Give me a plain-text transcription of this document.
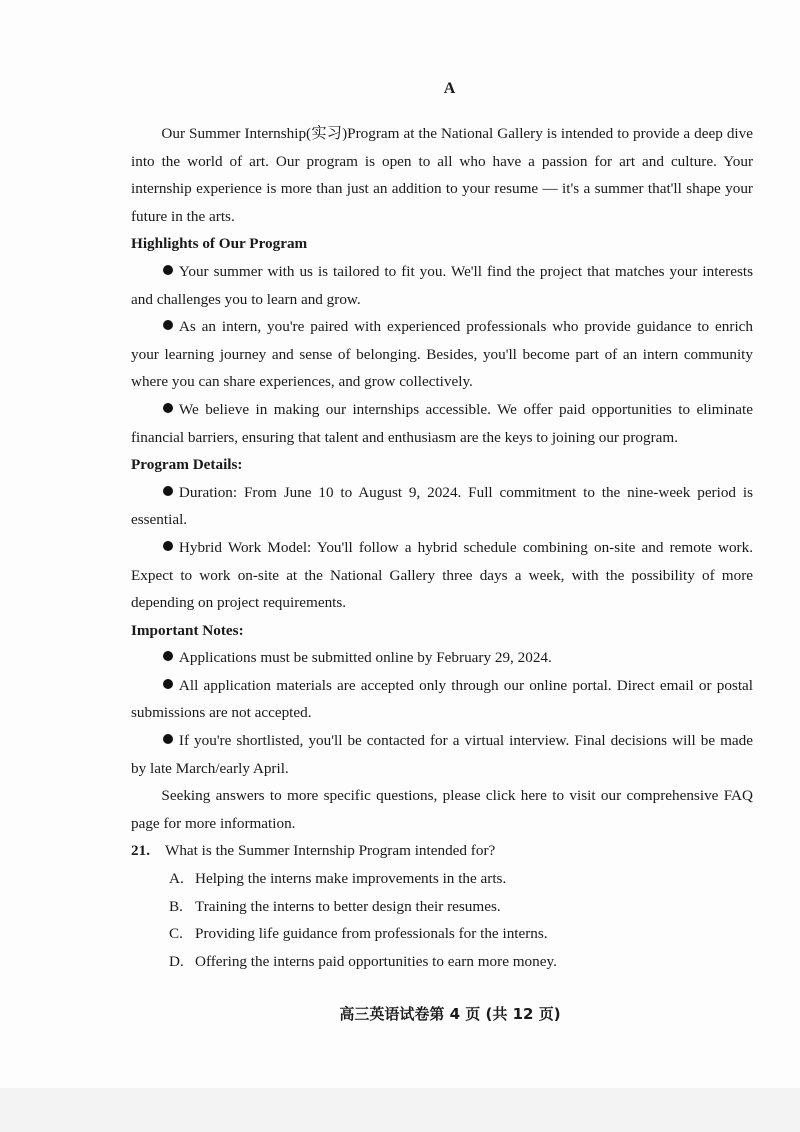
A

Our Summer Internship(实习)Program at the National Gallery is intended to provide a deep dive into the world of art. Our program is open to all who have a passion for art and culture. Your internship experience is more than just an addition to your resume — it's a summer that'll shape your future in the arts.

Highlights of Our Program

Your summer with us is tailored to fit you. We'll find the project that matches your interests and challenges you to learn and grow.

As an intern, you're paired with experienced professionals who provide guidance to enrich your learning journey and sense of belonging. Besides, you'll become part of an intern community where you can share experiences, and grow collectively.

We believe in making our internships accessible. We offer paid opportunities to eliminate financial barriers, ensuring that talent and enthusiasm are the keys to joining our program.

Program Details:

Duration: From June 10 to August 9, 2024. Full commitment to the nine-week period is essential.

Hybrid Work Model: You'll follow a hybrid schedule combining on-site and remote work. Expect to work on-site at the National Gallery three days a week, with the possibility of more depending on project requirements.

Important Notes:

Applications must be submitted online by February 29, 2024.

All application materials are accepted only through our online portal. Direct email or postal submissions are not accepted.

If you're shortlisted, you'll be contacted for a virtual interview. Final decisions will be made by late March/early April.

Seeking answers to more specific questions, please click here to visit our comprehensive FAQ page for more information.

21. What is the Summer Internship Program intended for?

A. Helping the interns make improvements in the arts.

B. Training the interns to better design their resumes.

C. Providing life guidance from professionals for the interns.

D. Offering the interns paid opportunities to earn more money.

高三英语试卷第 4 页 (共 12 页)
